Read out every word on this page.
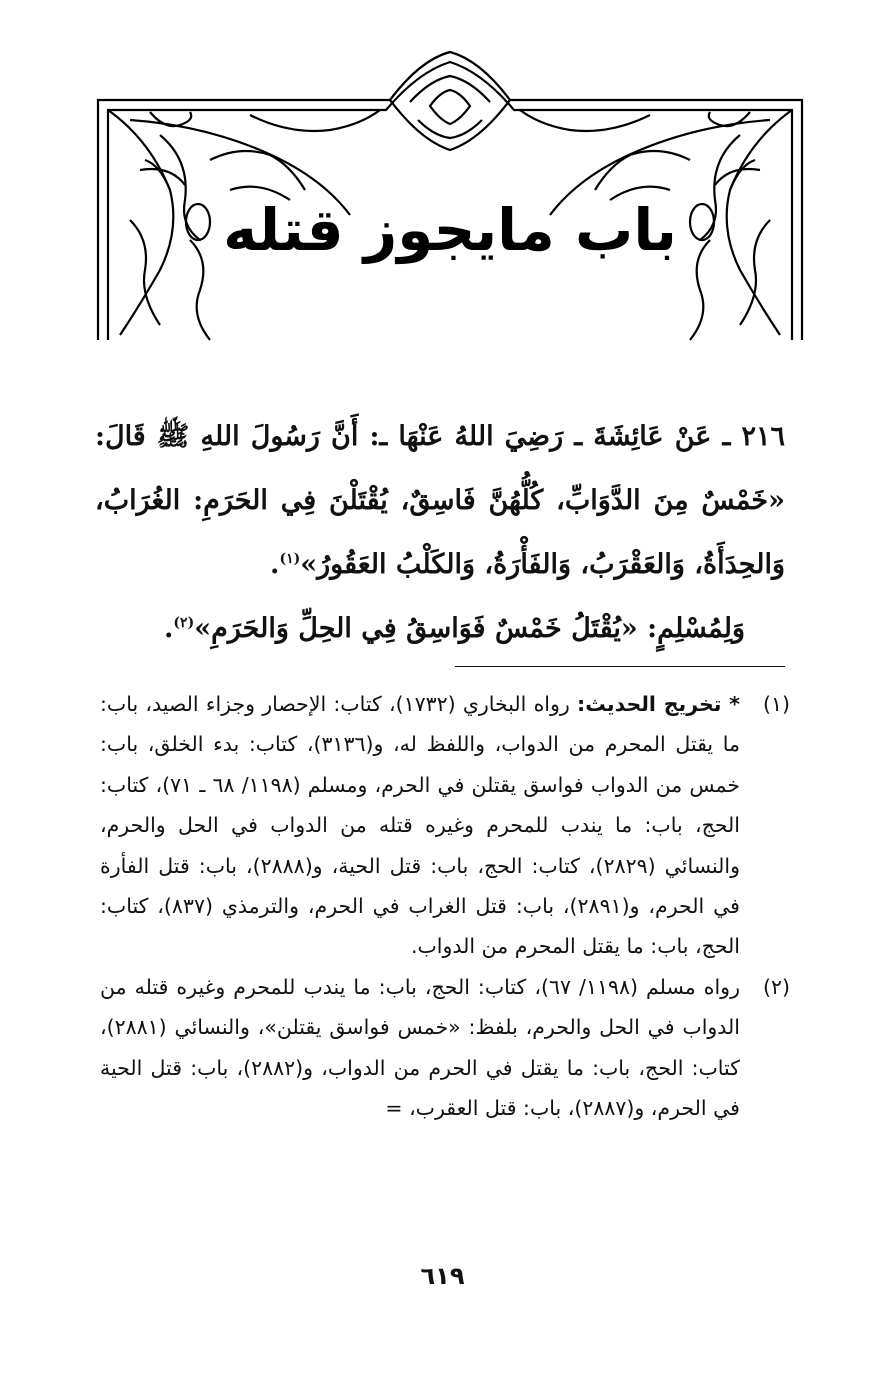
باب مايجوز قتله

٢١٦ ـ عَنْ عَائِشَةَ ـ رَضِيَ اللهُ عَنْهَا ـ: أَنَّ رَسُولَ اللهِ ﷺ قَالَ: «خَمْسٌ مِنَ الدَّوَابِّ، كُلُّهُنَّ فَاسِقٌ، يُقْتَلْنَ فِي الحَرَمِ: الغُرَابُ، وَالحِدَأَةُ، وَالعَقْرَبُ، وَالفَأْرَةُ، وَالكَلْبُ العَقُورُ»$^{(١)}$.

وَلِمُسْلِمٍ: «يُقْتَلُ خَمْسٌ فَوَاسِقُ فِي الحِلِّ وَالحَرَمِ»$^{(٢)}$.

(١)
* تخريج الحديث: رواه البخاري (١٧٣٢)، كتاب: الإحصار وجزاء الصيد، باب: ما يقتل المحرم من الدواب، واللفظ له، و(٣١٣٦)، كتاب: بدء الخلق، باب: خمس من الدواب فواسق يقتلن في الحرم، ومسلم (١١٩٨/ ٦٨ ـ ٧١)، كتاب: الحج، باب: ما يندب للمحرم وغيره قتله من الدواب في الحل والحرم، والنسائي (٢٨٢٩)، كتاب: الحج، باب: قتل الحية، و(٢٨٨٨)، باب: قتل الفأرة في الحرم، و(٢٨٩١)، باب: قتل الغراب في الحرم، والترمذي (٨٣٧)، كتاب: الحج، باب: ما يقتل المحرم من الدواب.
(٢)
رواه مسلم (١١٩٨/ ٦٧)، كتاب: الحج، باب: ما يندب للمحرم وغيره قتله من الدواب في الحل والحرم، بلفظ: «خمس فواسق يقتلن»، والنسائي (٢٨٨١)، كتاب: الحج، باب: ما يقتل في الحرم من الدواب، و(٢٨٨٢)، باب: قتل الحية في الحرم، و(٢٨٨٧)، باب: قتل العقرب، =
٦١٩
